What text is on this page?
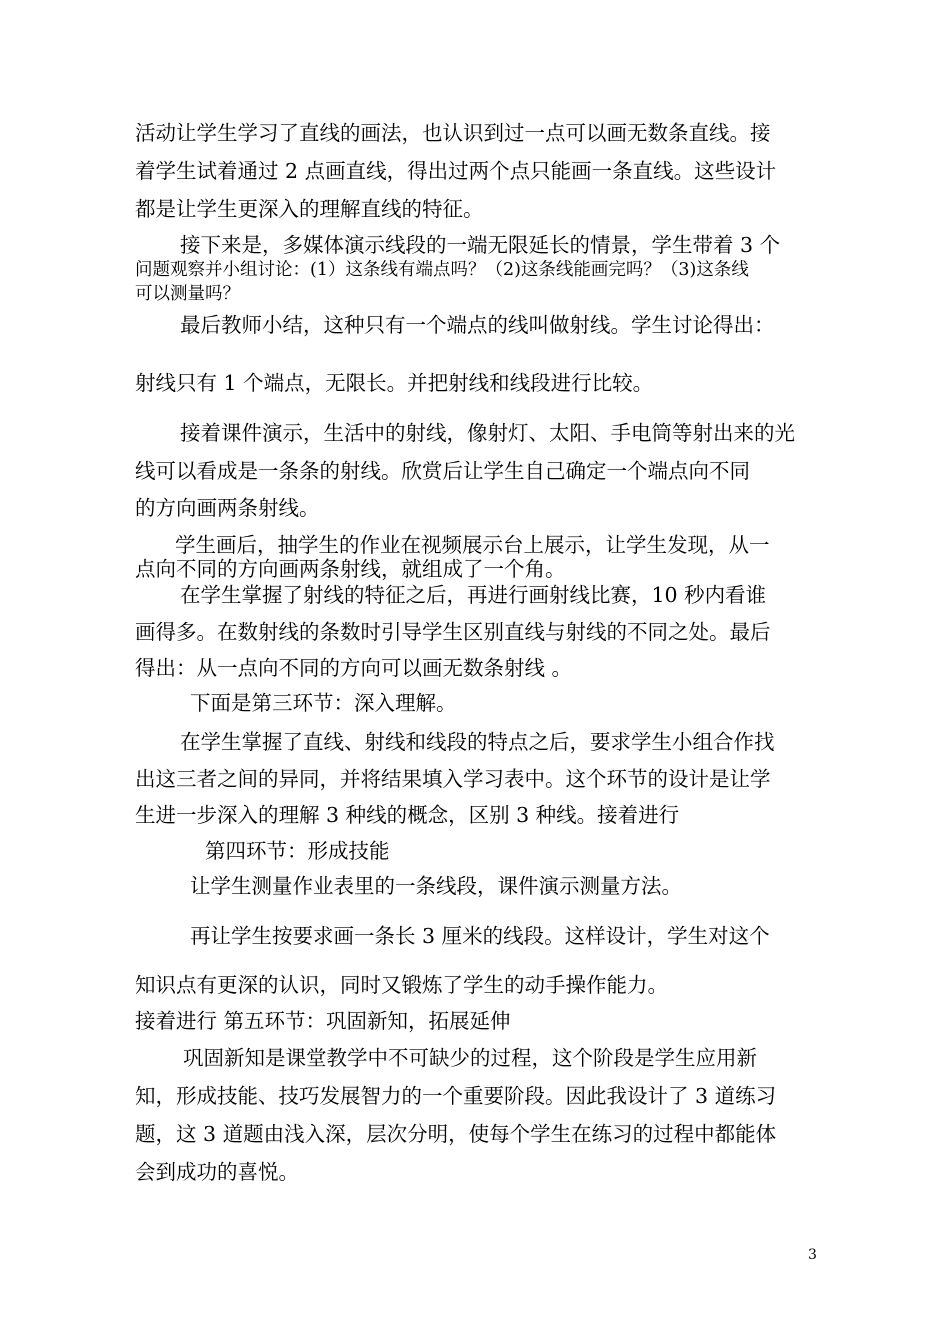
活动让学生学习了直线的画法，也认识到过一点可以画无数条直线。接
着学生试着通过 2 点画直线，得出过两个点只能画一条直线。这些设计
都是让学生更深入的理解直线的特征。
接下来是，多媒体演示线段的一端无限延长的情景，学生带着 3 个
问题观察并小组讨论：(1）这条线有端点吗？（2)这条线能画完吗？（3)这条线
可以测量吗？
最后教师小结，这种只有一个端点的线叫做射线。学生讨论得出：
射线只有 1 个端点，无限长。并把射线和线段进行比较。
接着课件演示，生活中的射线，像射灯、太阳、手电筒等射出来的光
线可以看成是一条条的射线。欣赏后让学生自己确定一个端点向不同
的方向画两条射线。
学生画后，抽学生的作业在视频展示台上展示，让学生发现，从一
点向不同的方向画两条射线，就组成了一个角。
在学生掌握了射线的特征之后，再进行画射线比赛，10 秒内看谁
画得多。在数射线的条数时引导学生区别直线与射线的不同之处。最后
得出：从一点向不同的方向可以画无数条射线 。
下面是第三环节：深入理解。
在学生掌握了直线、射线和线段的特点之后，要求学生小组合作找
出这三者之间的异同，并将结果填入学习表中。这个环节的设计是让学
生进一步深入的理解 3 种线的概念，区别 3 种线。接着进行
第四环节：形成技能
让学生测量作业表里的一条线段，课件演示测量方法。
再让学生按要求画一条长 3 厘米的线段。这样设计，学生对这个
知识点有更深的认识，同时又锻炼了学生的动手操作能力。
接着进行 第五环节：巩固新知，拓展延伸
巩固新知是课堂教学中不可缺少的过程，这个阶段是学生应用新
知，形成技能、技巧发展智力的一个重要阶段。因此我设计了 3 道练习
题，这 3 道题由浅入深，层次分明，使每个学生在练习的过程中都能体
会到成功的喜悦。
3
